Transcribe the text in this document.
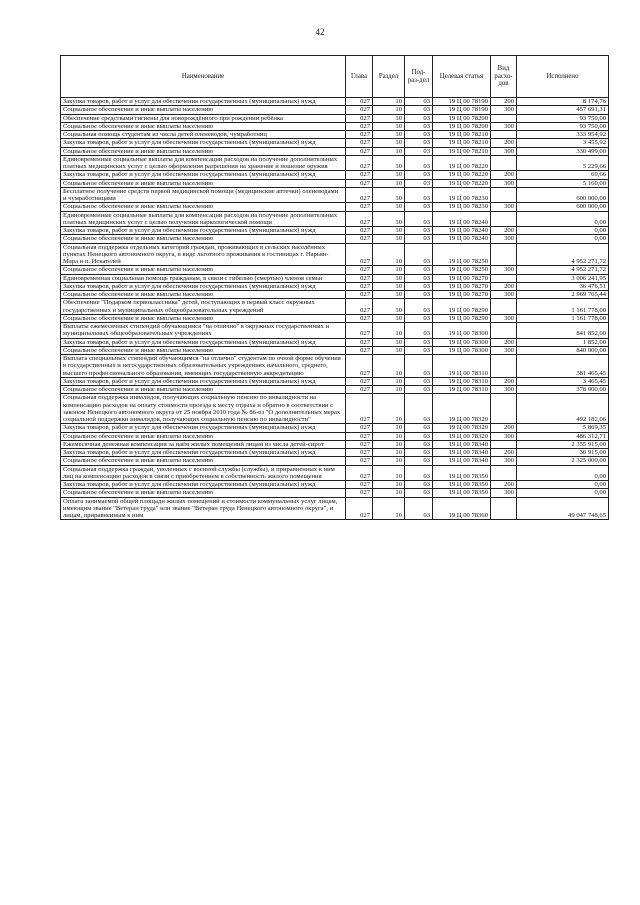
42
Наименование	Глава	Раздел	Под-раз-дел	Целевая статья	Вид расхо-дов	Исполнено
Закупка товаров, работ и услуг для обеспечения государственных (муниципальных) нужд	027	10	03	19 Ц 00 78190	200	8 174,76
Социальное обеспечение и иные выплаты населению	027	10	03	19 Ц 00 78190	300	457 691,31
Обеспечение средствами гигиены для новорождённого при рождении ребёнка	027	10	03	19 Ц 00 78200		93 750,00
Социальное обеспечение и иные выплаты населению	027	10	03	19 Ц 00 78200	300	93 750,00
Социальная помощь студентам из числа детей оленеводов, чумработниц	027	10	03	19 Ц 00 78210		333 954,92
Закупка товаров, работ и услуг для обеспечения государственных (муниципальных) нужд	027	10	03	19 Ц 00 78210	200	3 455,92
Социальное обеспечение и иные выплаты населению	027	10	03	19 Ц 00 78210	300	330 499,00
Единовременные социальные выплаты для компенсации расходов на получение дополнительных платных медицинских услуг с целью оформления разрешения на хранение и ношение оружия	027	10	03	19 Ц 00 78220		5 229,66
Закупка товаров, работ и услуг для обеспечения государственных (муниципальных) нужд	027	10	03	19 Ц 00 78220	200	69,66
Социальное обеспечение и иные выплаты населению	027	10	03	19 Ц 00 78220	300	5 160,00
Бесплатное получение средств первой медицинской помощи (медицинские аптечки) оленеводами и чумработницами	027	10	03	19 Ц 00 78230		600 000,00
Социальное обеспечение и иные выплаты населению	027	10	03	19 Ц 00 78230	300	600 000,00
Единовременные социальные выплаты для компенсации расходов на получение дополнительных платных медицинских услуг с целью получения наркологической помощи	027	10	03	19 Ц 00 78240		0,00
Закупка товаров, работ и услуг для обеспечения государственных (муниципальных) нужд	027	10	03	19 Ц 00 78240	200	0,00
Социальное обеспечение и иные выплаты населению	027	10	03	19 Ц 00 78240	300	0,00
Социальная поддержка отдельных категорий граждан, проживающих в сельских населённых пунктах Ненецкого автономного округа, в виде льготного проживания в гостиницах г. Нарьян-Мара и п. Искателей	027	10	03	19 Ц 00 78250		4 952 271,72
Социальное обеспечение и иные выплаты населению	027	10	03	19 Ц 00 78250	300	4 952 271,72
Единовременная социальная помощь гражданам, в связи с гибелью (смертью) членов семьи	027	10	03	19 Ц 00 78270		3 006 241,95
Закупка товаров, работ и услуг для обеспечения государственных (муниципальных) нужд	027	10	03	19 Ц 00 78270	200	36 476,51
Социальное обеспечение и иные выплаты населению	027	10	03	19 Ц 00 78270	300	2 969 765,44
Обеспечение "Подарком первоклассника" детей, поступающих в первый класс окружных государственных и муниципальных общеобразовательных учреждений	027	10	03	19 Ц 00 78290		1 161 778,00
Социальное обеспечение и иные выплаты населению	027	10	03	19 Ц 00 78290	300	1 161 778,00
Выплаты ежемесячных стипендий обучающимся "на отлично" в окружных государственных и муниципальных общеобразовательных учреждениях	027	10	03	19 Ц 00 78300		841 852,00
Закупка товаров, работ и услуг для обеспечения государственных (муниципальных) нужд	027	10	03	19 Ц 00 78300	200	1 852,00
Социальное обеспечение и иные выплаты населению	027	10	03	19 Ц 00 78300	300	840 000,00
Выплата специальных стипендий обучающимся "на отлично" студентам по очной форме обучения в государственных и негосударственных образовательных учреждениях начального, среднего, высшего профессионального образования, имеющих государственную аккредитацию	027	10	03	19 Ц 00 78310		381 465,45
Закупка товаров, работ и услуг для обеспечения государственных (муниципальных) нужд	027	10	03	19 Ц 00 78310	200	3 465,45
Социальное обеспечение и иные выплаты населению	027	10	03	19 Ц 00 78310	300	378 000,00
Социальная поддержка инвалидов, получающих социальную пенсию по инвалидности на компенсацию расходов на оплату стоимости проезда к месту отдыха и обратно в соответствии с законом Ненецкого автономного округа от 25 ноября 2010 года № 86-оз "О дополнительных мерах социальной поддержки инвалидов, получающих социальную пенсию по инвалидности"	027	10	03	19 Ц 00 78320		492 182,06
Закупка товаров, работ и услуг для обеспечения государственных (муниципальных) нужд	027	10	03	19 Ц 00 78320	200	5 869,35
Социальное обеспечение и иные выплаты населению	027	10	03	19 Ц 00 78320	300	486 312,71
Ежемесячная денежная компенсация за наём жилых помещений лицам из числа детей-сирот	027	10	03	19 Ц 00 78340		2 355 915,00
Закупка товаров, работ и услуг для обеспечения государственных (муниципальных) нужд	027	10	03	19 Ц 00 78340	200	30 915,00
Социальное обеспечение и иные выплаты населению	027	10	03	19 Ц 00 78340	300	2 325 000,00
Социальная поддержка граждан, уволенных с военной службы (службы), и приравненных к ним лиц на компенсацию расходов в связи с приобретением в собственность жилого помещения	027	10	03	19 Ц 00 78350		0,00
Закупка товаров, работ и услуг для обеспечения государственных (муниципальных) нужд	027	10	03	19 Ц 00 78350	200	0,00
Социальное обеспечение и иные выплаты населению	027	10	03	19 Ц 00 78350	300	0,00
Оплата занимаемой общей площади жилых помещений и стоимости коммунальных услуг лицам, имеющим звание "Ветеран труда" или звание "Ветеран труда Ненецкого автономного округа", и лицам, приравненным к ним	027	10	03	19 Ц 00 78360		49 047 748,65
